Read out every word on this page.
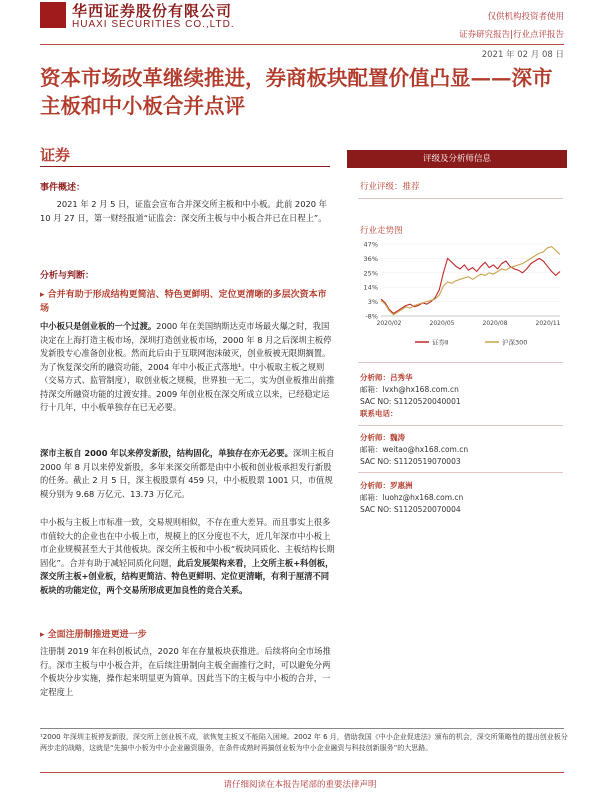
华西证券股份有限公司
HUAXI SECURITIES CO.,LTD.
仅供机构投资者使用
证券研究报告|行业点评报告
2021 年 02 月 08 日
资本市场改革继续推进，券商板块配置价值凸显——深市主板和中小板合并点评
证券
事件概述：
2021 年 2 月 5 日，证监会宣布合并深交所主板和中小板。此前 2020 年 10 月 27 日，第一财经报道“证监会：深交所主板与中小板合并已在日程上”。
分析与判断：
▸ 合并有助于形成结构更简洁、特色更鲜明、定位更清晰的多层次资本市场
中小板只是创业板的一个过渡。2000 年在美国纳斯达克市场最火爆之时，我国决定在上海打造主板市场，深圳打造创业板市场，2000 年 8 月之后深圳主板停发新股专心准备创业板。然而此后由于互联网泡沫破灭，创业板被无限期搁置。为了恢复深交所的融资功能，2004 年中小板正式落地¹。中小板取主板之规则（交易方式、监管制度），取创业板之规模，世界独一无二，实为创业板推出前推持深交所融资功能的过渡安排。2009 年创业板在深交所成立以来，已经稳定运行十几年，中小板单独存在已无必要。
深市主板自 2000 年以来停发新股，结构固化，单独存在亦无必要。深圳主板自 2000 年 8 月以来停发新股，多年来深交所都是由中小板和创业板承担发行新股的任务。截止 2 月 5 日，深主板股票有 459 只，中小板股票 1001 只，市值规模分别为 9.68 万亿元、13.73 万亿元。
中小板与主板上市标准一致，交易规则相似，不存在重大差异。而且事实上很多市值较大的企业也在中小板上市，规模上的区分度也不大，近几年深市中小板上市企业规模甚至大于其他板块。深交所主板和中小板“板块同质化、主板结构长期固化”。合并有助于减轻同质化问题，此后发展架构来看，上交所主板+科创板，深交所主板+创业板，结构更简洁、特色更鲜明、定位更清晰，有利于厘清不同板块的功能定位，两个交易所形成更加良性的竞合关系。
▸ 全面注册制推进更进一步
注册制 2019 年在科创板试点，2020 年在存量板块获推进。后续将向全市场推行。深市主板与中小板合并，在后续注册制向主板全面推行之时，可以避免分两个板块分步实施，操作起来明显更为简单。因此当下的主板与中小板的合并，一定程度上
评级及分析师信息
行业评级：推荐
行业走势图
47%
36%
25%
14%
3%
-8%
2020/02	2020/05	2020/08	2020/11
证券Ⅱ	沪深300
分析师：吕秀华
邮箱：lvxh@hx168.com.cn
SAC NO: S1120520040001
联系电话：
分析师：魏涛
邮箱：weitao@hx168.com.cn
SAC NO: S1120519070003
分析师：罗惠洲
邮箱：luohz@hx168.com.cn
SAC NO: S1120520070004
¹2000 年深圳主板停发新股，深交所上创业板不成，欲恢复主板又不能陷入困境。2002 年 6 月，借助我国《中小企业促进法》颁布的机会，深交所策略性的提出创业板分两步走的战略，这就是“先搞中小板为中小企业融资服务，在条件成熟时再搞创业板为中小企业融资与科技创新服务”的大思路。
请仔细阅读在本报告尾部的重要法律声明
